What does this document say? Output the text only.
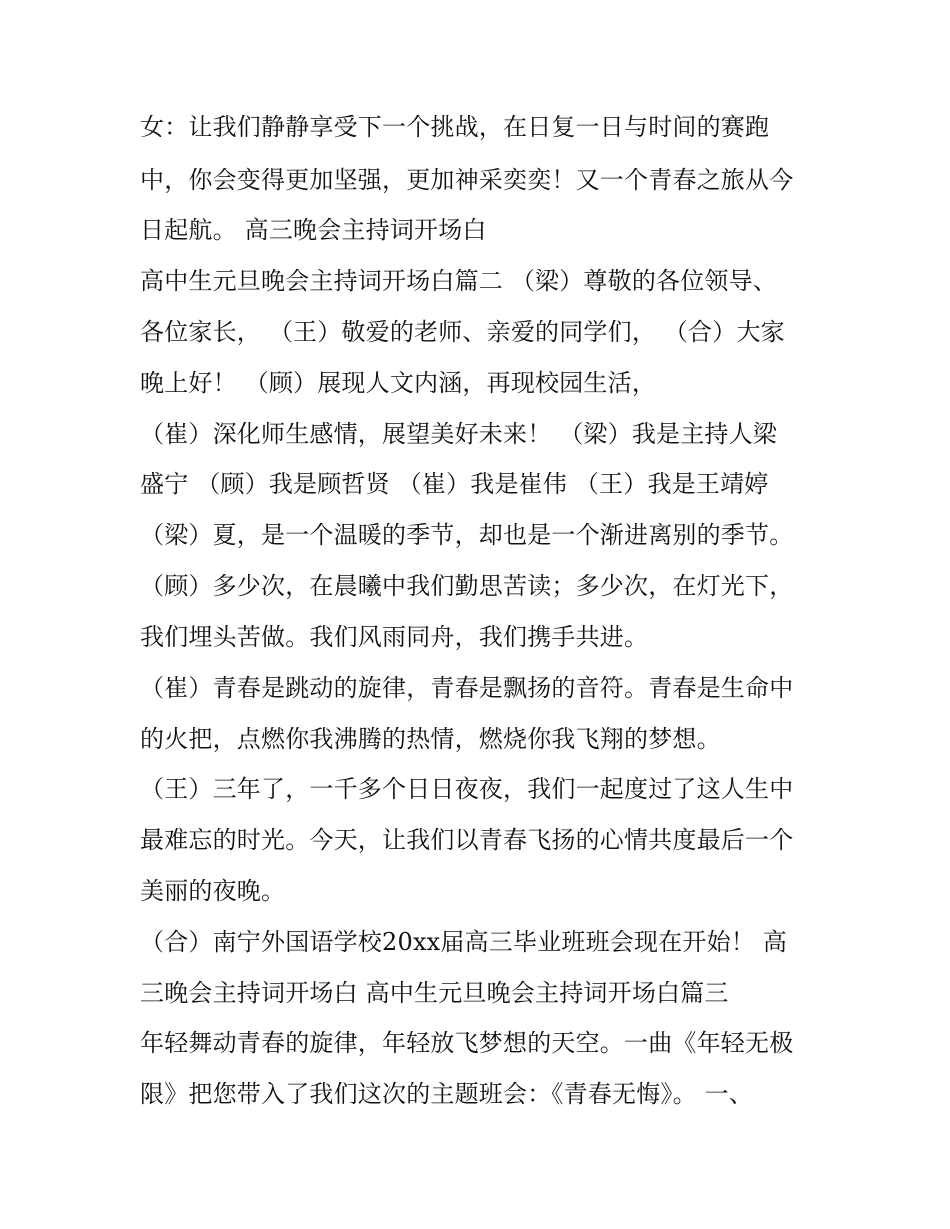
女：让我们静静享受下一个挑战，在日复一日与时间的赛跑
中，你会变得更加坚强，更加神采奕奕！又一个青春之旅从今
日起航。 高三晚会主持词开场白
高中生元旦晚会主持词开场白篇二 （梁）尊敬的各位领导、
各位家长， （王）敬爱的老师、亲爱的同学们， （合）大家
晚上好！ （顾）展现人文内涵，再现校园生活，
（崔）深化师生感情，展望美好未来！ （梁）我是主持人梁
盛宁 （顾）我是顾哲贤 （崔）我是崔伟 （王）我是王靖婷
（梁）夏，是一个温暖的季节，却也是一个渐进离别的季节。
（顾）多少次，在晨曦中我们勤思苦读；多少次，在灯光下，
我们埋头苦做。我们风雨同舟，我们携手共进。
（崔）青春是跳动的旋律，青春是飘扬的音符。青春是生命中
的火把，点燃你我沸腾的热情，燃烧你我飞翔的梦想。
（王）三年了，一千多个日日夜夜，我们一起度过了这人生中
最难忘的时光。今天，让我们以青春飞扬的心情共度最后一个
美丽的夜晚。
（合）南宁外国语学校20xx届高三毕业班班会现在开始！ 高
三晚会主持词开场白 高中生元旦晚会主持词开场白篇三
年轻舞动青春的旋律，年轻放飞梦想的天空。一曲《年轻无极
限》把您带入了我们这次的主题班会：《青春无悔》。 一、
